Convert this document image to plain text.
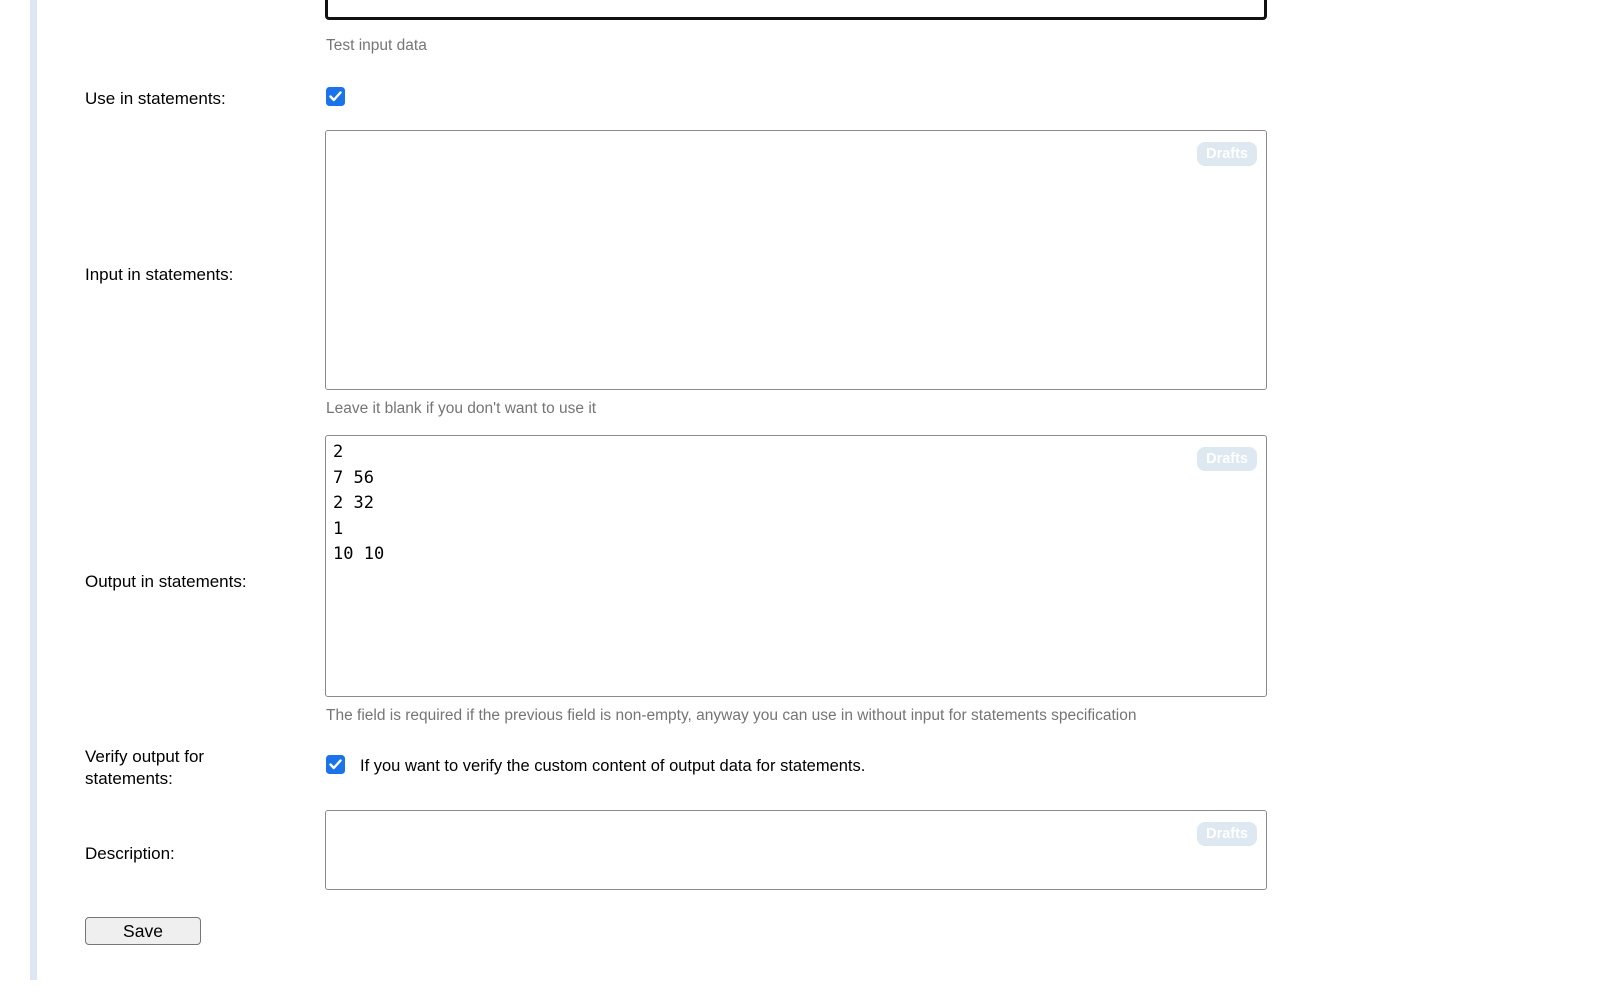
Test input data
Use in statements:
Input in statements:
Drafts
Leave it blank if you don't want to use it
Output in statements:
2 7 56 2 32 1 10 10
Drafts
The field is required if the previous field is non-empty, anyway you can use in without input for statements specification
Verify output for statements:
If you want to verify the custom content of output data for statements.
Description:
Drafts
Save
